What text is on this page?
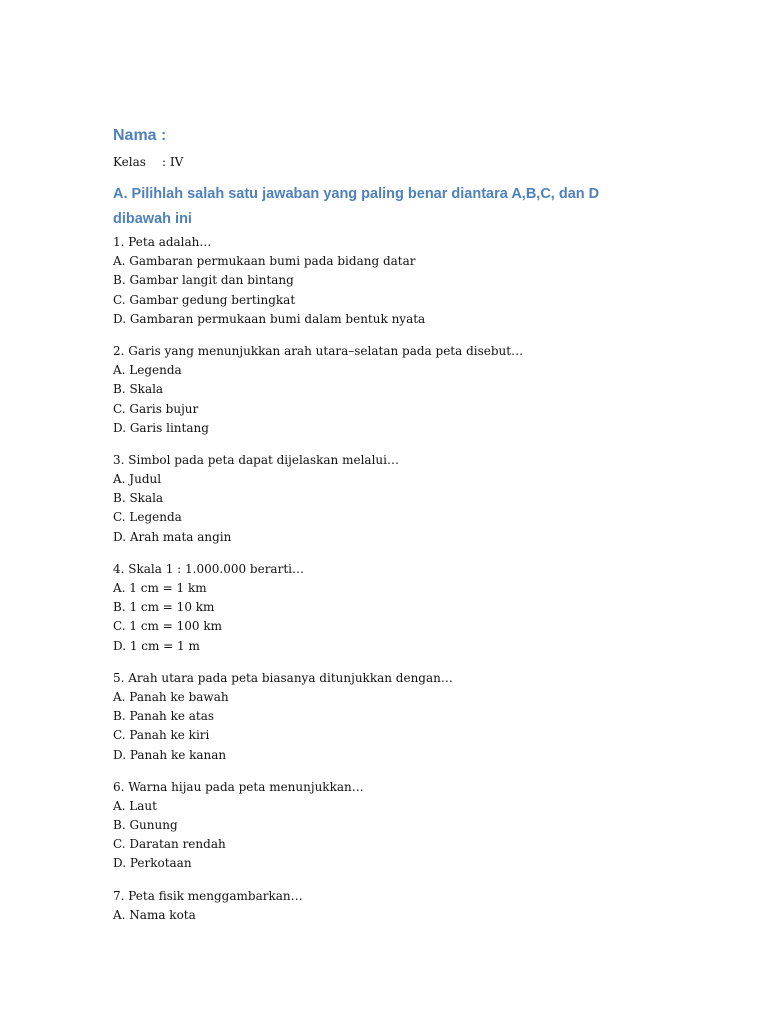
Nama :
Kelas : IV
A. Pilihlah salah satu jawaban yang paling benar diantara A,B,C, dan D dibawah ini
1. Peta adalah…
A. Gambaran permukaan bumi pada bidang datar
B. Gambar langit dan bintang
C. Gambar gedung bertingkat
D. Gambaran permukaan bumi dalam bentuk nyata
2. Garis yang menunjukkan arah utara–selatan pada peta disebut…
A. Legenda
B. Skala
C. Garis bujur
D. Garis lintang
3. Simbol pada peta dapat dijelaskan melalui…
A. Judul
B. Skala
C. Legenda
D. Arah mata angin
4. Skala 1 : 1.000.000 berarti…
A. 1 cm = 1 km
B. 1 cm = 10 km
C. 1 cm = 100 km
D. 1 cm = 1 m
5. Arah utara pada peta biasanya ditunjukkan dengan…
A. Panah ke bawah
B. Panah ke atas
C. Panah ke kiri
D. Panah ke kanan
6. Warna hijau pada peta menunjukkan…
A. Laut
B. Gunung
C. Daratan rendah
D. Perkotaan
7. Peta fisik menggambarkan…
A. Nama kota
